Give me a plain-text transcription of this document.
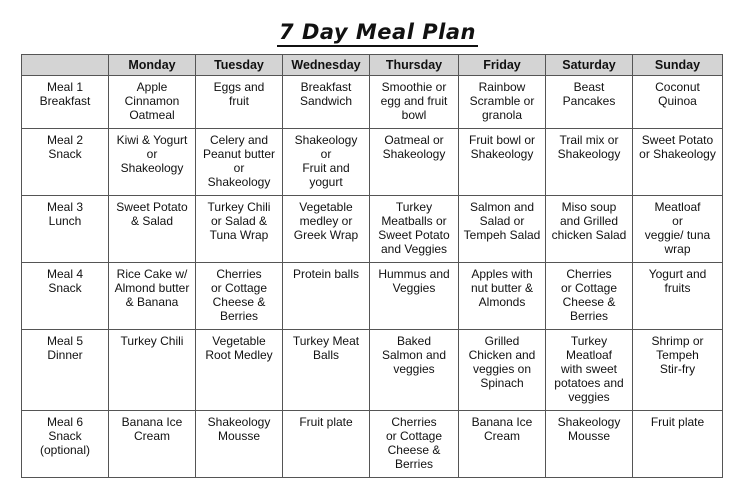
7 Day Meal Plan
	Monday	Tuesday	Wednesday	Thursday	Friday	Saturday	Sunday
Meal 1
Breakfast	Apple
Cinnamon
Oatmeal	Eggs and
fruit	Breakfast
Sandwich	Smoothie or
egg and fruit
bowl	Rainbow
Scramble or
granola	Beast
Pancakes	Coconut
Quinoa
Meal 2
Snack	Kiwi & Yogurt
or
Shakeology	Celery and
Peanut butter
or
Shakeology	Shakeology
or
Fruit and
yogurt	Oatmeal or
Shakeology	Fruit bowl or
Shakeology	Trail mix or
Shakeology	Sweet Potato
or Shakeology
Meal 3
Lunch	Sweet Potato
& Salad	Turkey Chili
or Salad &
Tuna Wrap	Vegetable
medley or
Greek Wrap	Turkey
Meatballs or
Sweet Potato
and Veggies	Salmon and
Salad or
Tempeh Salad	Miso soup
and Grilled
chicken Salad	Meatloaf
or
veggie/ tuna
wrap
Meal 4
Snack	Rice Cake w/
Almond butter
& Banana	Cherries
or Cottage
Cheese &
Berries	Protein balls	Hummus and
Veggies	Apples with
nut butter &
Almonds	Cherries
or Cottage
Cheese &
Berries	Yogurt and
fruits
Meal 5
Dinner	Turkey Chili	Vegetable
Root Medley	Turkey Meat
Balls	Baked
Salmon and
veggies	Grilled
Chicken and
veggies on
Spinach	Turkey
Meatloaf
with sweet
potatoes and
veggies	Shrimp or
Tempeh
Stir-fry
Meal 6
Snack
(optional)	Banana Ice
Cream	Shakeology
Mousse	Fruit plate	Cherries
or Cottage
Cheese &
Berries	Banana Ice
Cream	Shakeology
Mousse	Fruit plate
